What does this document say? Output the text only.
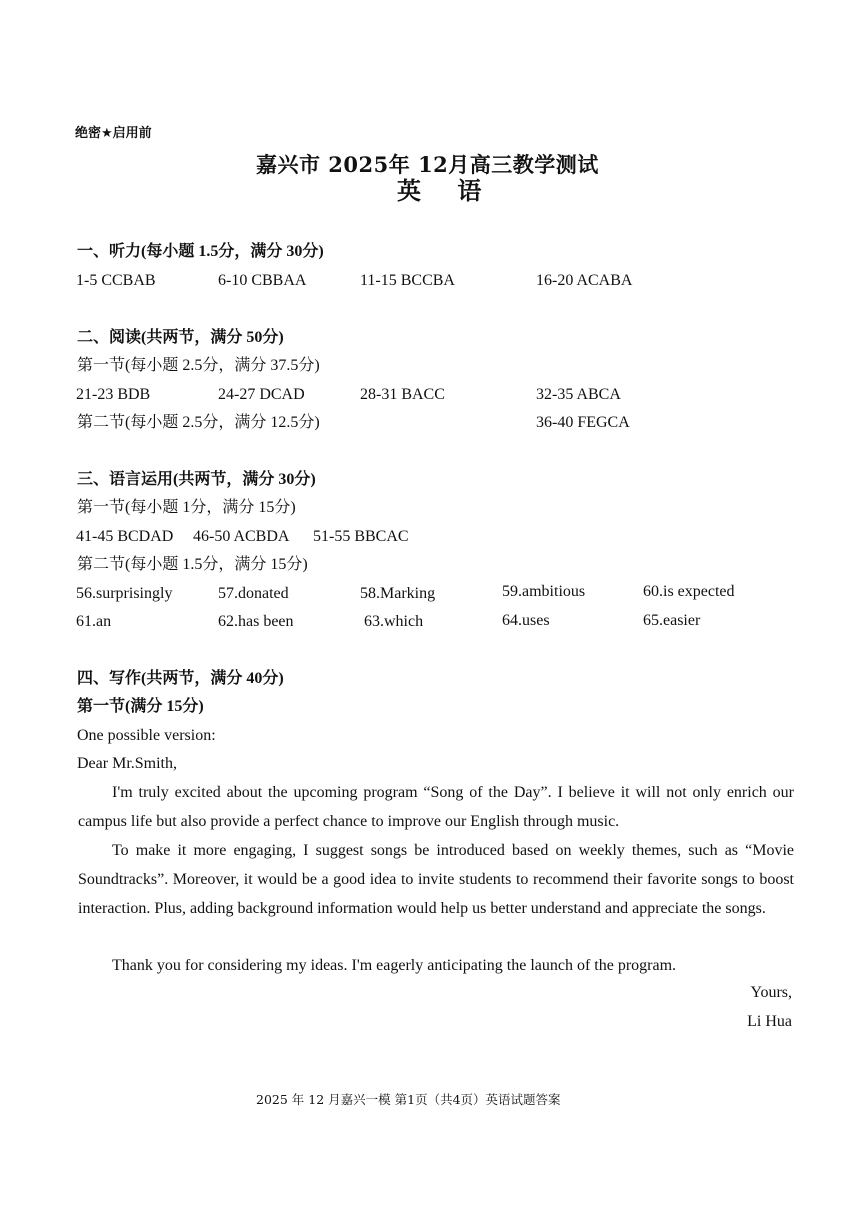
绝密★启用前
嘉兴市 2025年 12月高三教学测试
英 语
一、听力(每小题 1.5分，满分 30分)
1-5 CCBAB	6-10 CBBAA	11-15 BCCBA	16-20 ACABA
二、阅读(共两节，满分 50分)
第一节(每小题 2.5分，满分 37.5分)
21-23 BDB	24-27 DCAD	28-31 BACC	32-35 ABCA
第二节(每小题 2.5分，满分 12.5分)	36-40 FEGCA
三、语言运用(共两节，满分 30分)
第一节(每小题 1分，满分 15分)
41-45 BCDAD 46-50 ACBDA 51-55 BBCAC
第二节(每小题 1.5分，满分 15分)
56.surprisingly	57.donated	58.Marking	59.ambitious	60.is expected
61.an	62.has been	63.which	64.uses	65.easier
四、写作(共两节，满分 40分)
第一节(满分 15分)
One possible version:
Dear Mr.Smith,
I'm truly excited about the upcoming program “Song of the Day”. I believe it will not only enrich our campus life but also provide a perfect chance to improve our English through music.
To make it more engaging, I suggest songs be introduced based on weekly themes, such as “Movie Soundtracks”. Moreover, it would be a good idea to invite students to recommend their favorite songs to boost interaction. Plus, adding background information would help us better understand and appreciate the songs.
Thank you for considering my ideas. I'm eagerly anticipating the launch of the program.
Yours,
Li Hua
2025 年 12 月嘉兴一模 第1页（共4页）英语试题答案
